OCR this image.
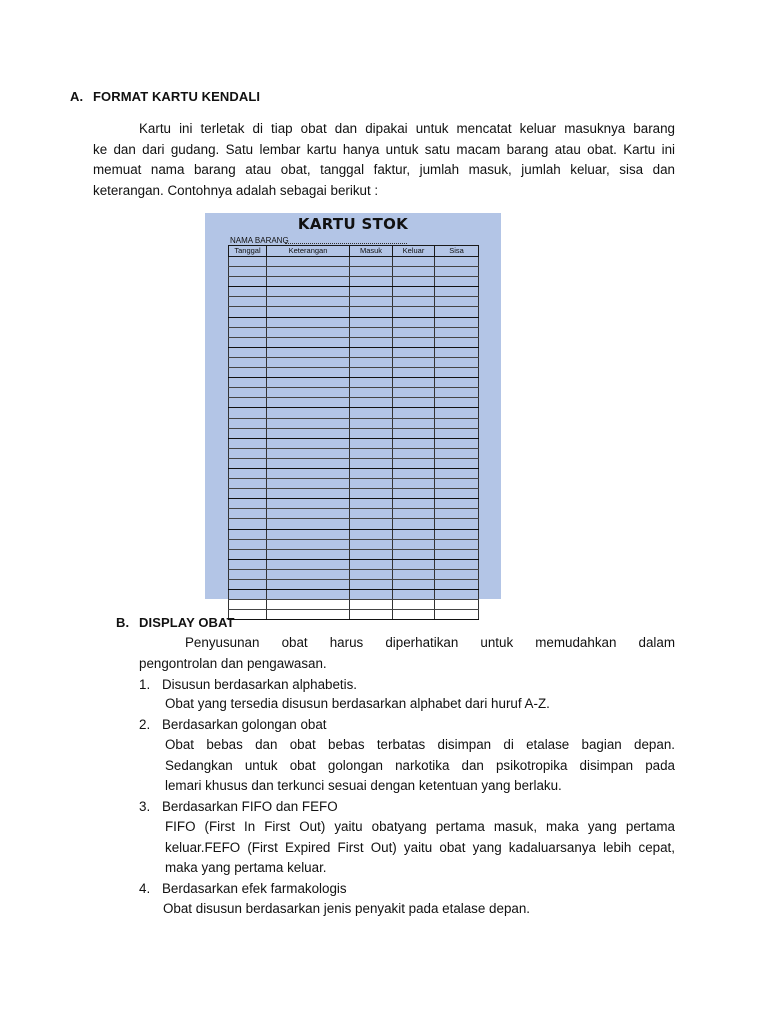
A. FORMAT KARTU KENDALI
Kartu ini terletak di tiap obat dan dipakai untuk mencatat keluar masuknya barang
ke dan dari gudang. Satu lembar kartu hanya untuk satu macam barang atau obat. Kartu ini
memuat nama barang atau obat, tanggal faktur, jumlah masuk, jumlah keluar, sisa dan
keterangan. Contohnya adalah sebagai berikut :
KARTU STOK
NAMA BARANG
Tanggal	Keterangan	Masuk	Keluar	Sisa

B. DISPLAY OBAT
Penyusunan obat harus diperhatikan untuk memudahkan dalam
pengontrolan dan pengawasan.
1. Disusun berdasarkan alphabetis.
Obat yang tersedia disusun berdasarkan alphabet dari huruf A-Z.
2. Berdasarkan golongan obat
Obat bebas dan obat bebas terbatas disimpan di etalase bagian depan.
Sedangkan untuk obat golongan narkotika dan psikotropika disimpan pada
lemari khusus dan terkunci sesuai dengan ketentuan yang berlaku.
3. Berdasarkan FIFO dan FEFO
FIFO (First In First Out) yaitu obatyang pertama masuk, maka yang pertama
keluar.FEFO (First Expired First Out) yaitu obat yang kadaluarsanya lebih cepat,
maka yang pertama keluar.
4. Berdasarkan efek farmakologis
Obat disusun berdasarkan jenis penyakit pada etalase depan.
